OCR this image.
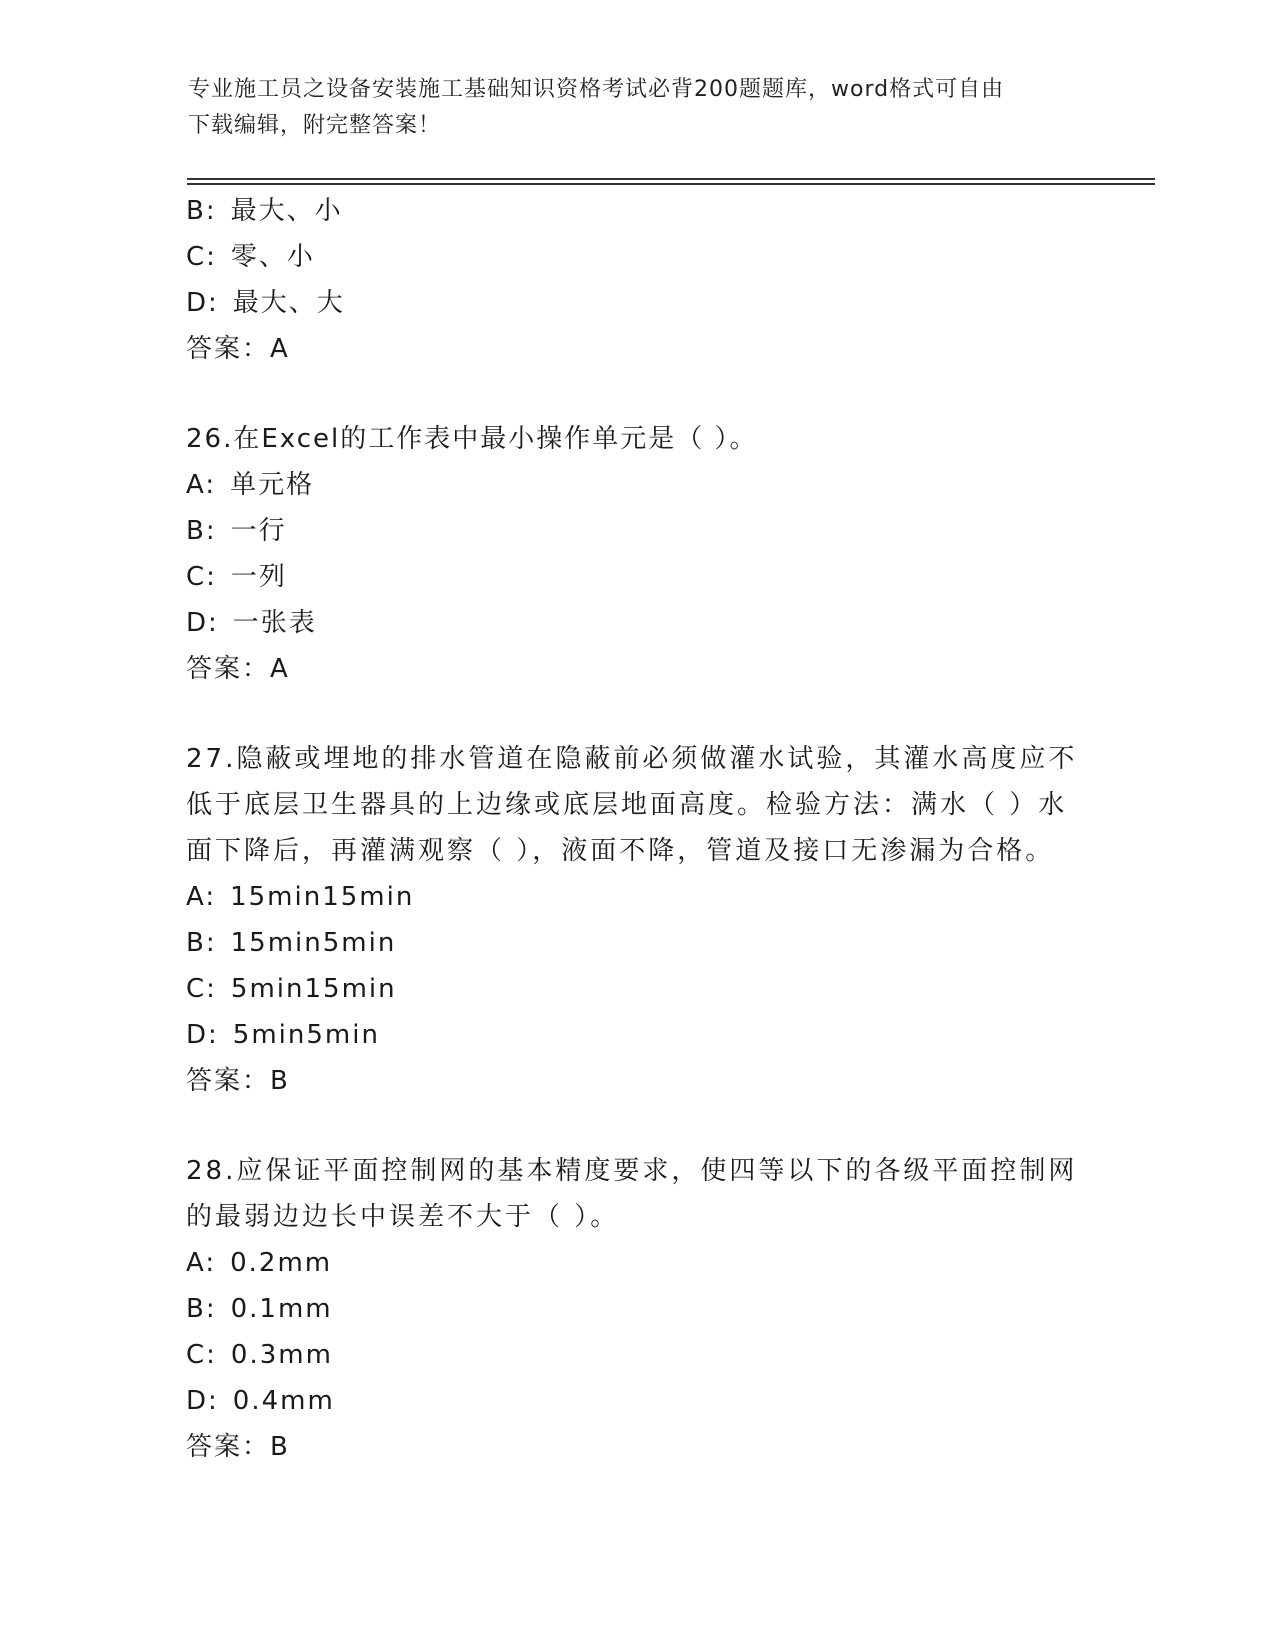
专业施工员之设备安装施工基础知识资格考试必背200题题库，word格式可自由
下载编辑，附完整答案！
B: 最大、小
C: 零、小
D: 最大、大
答案：A
26.在Excel的工作表中最小操作单元是（ ）。
A: 单元格
B: 一行
C: 一列
D: 一张表
答案：A
27.隐蔽或埋地的排水管道在隐蔽前必须做灌水试验，其灌水高度应不
低于底层卫生器具的上边缘或底层地面高度。检验方法：满水（ ）水
面下降后，再灌满观察（ ），液面不降，管道及接口无渗漏为合格。
A: 15min15min
B: 15min5min
C: 5min15min
D: 5min5min
答案：B
28.应保证平面控制网的基本精度要求，使四等以下的各级平面控制网
的最弱边边长中误差不大于（ ）。
A: 0.2mm
B: 0.1mm
C: 0.3mm
D: 0.4mm
答案：B
